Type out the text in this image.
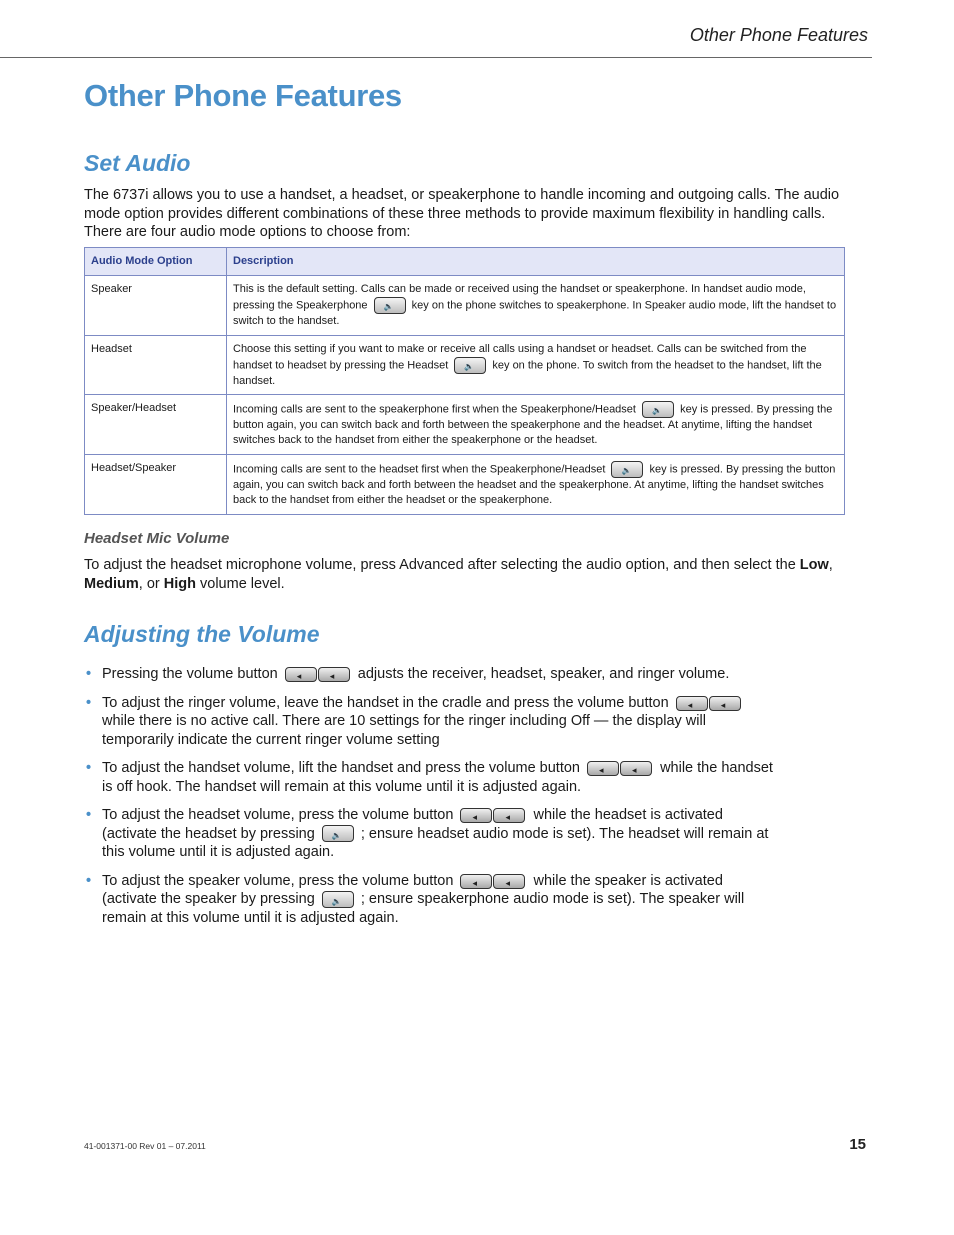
Other Phone Features
Other Phone Features
Set Audio

The 6737i allows you to use a handset, a headset, or speakerphone to handle incoming and outgoing calls. The audio mode option provides different combinations of these three methods to provide maximum flexibility in handling calls. There are four audio mode options to choose from:

Audio Mode Option	Description
Speaker	This is the default setting. Calls can be made or received using the handset or speakerphone. In handset audio mode, pressing the Speakerphone 🔈 key on the phone switches to speakerphone. In Speaker audio mode, lift the handset to switch to the handset.
Headset	Choose this setting if you want to make or receive all calls using a handset or headset. Calls can be switched from the handset to headset by pressing the Headset 🔈 key on the phone. To switch from the headset to the handset, lift the handset.
Speaker/Headset	Incoming calls are sent to the speakerphone first when the Speakerphone/Headset 🔈 key is pressed. By pressing the button again, you can switch back and forth between the speakerphone and the headset. At anytime, lifting the handset switches back to the handset from either the speakerphone or the headset.
Headset/Speaker	Incoming calls are sent to the headset first when the Speakerphone/Headset 🔈 key is pressed. By pressing the button again, you can switch back and forth between the headset and the speakerphone. At anytime, lifting the handset switches back to the handset from either the headset or the speakerphone.
Headset Mic Volume

To adjust the headset microphone volume, press Advanced after selecting the audio option, and then select the Low, Medium, or High volume level.

Adjusting the Volume
• Pressing the volume button ◂ ◂	adjusts the receiver, headset, speaker, and ringer volume.
• To adjust the ringer volume, leave the handset in the cradle and press the volume button ◂◂ while there is no active call. There are 10 settings for the ringer including Off — the display will temporarily indicate the current ringer volume setting
• To adjust the handset volume, lift the handset and press the volume button ◂ ◂	while the handset is off hook. The handset will remain at this volume until it is adjusted again.
• To adjust the headset volume, press the volume button ◂ ◂	while the headset is activated (activate the headset by pressing 🔈	; ensure headset audio mode is set). The headset will remain at this volume until it is adjusted again.
• To adjust the speaker volume, press the volume button ◂ ◂	while the speaker is activated (activate the speaker by pressing 🔈	; ensure speakerphone audio mode is set). The speaker will remain at this volume until it is adjusted again.
41-001371-00 Rev 01 – 07.2011	15
